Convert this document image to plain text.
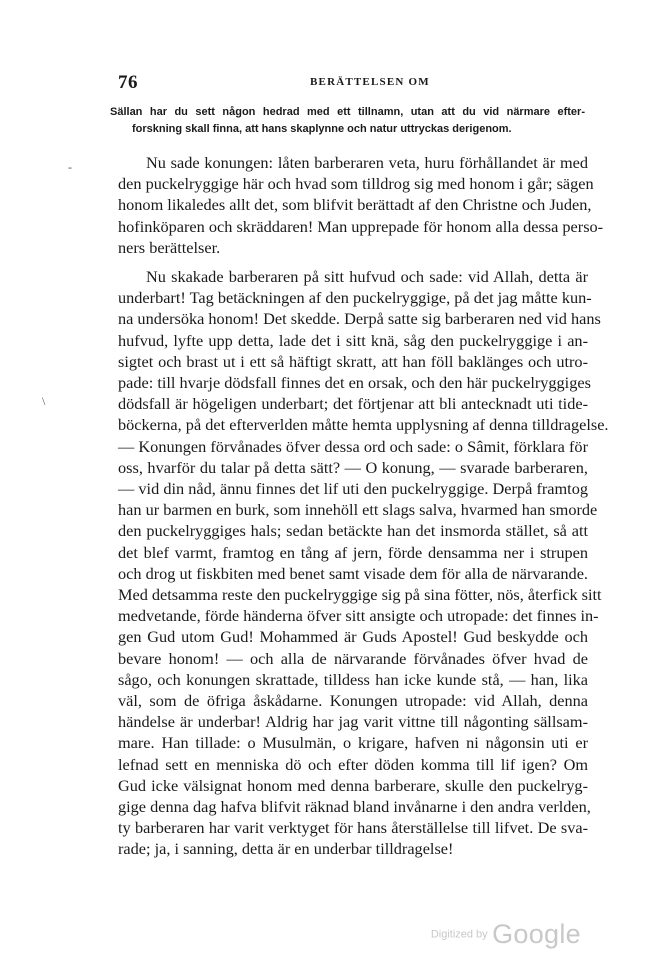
76	BERÄTTELSEN OM
Sällan har du sett någon hedrad med ett tillnamn, utan att du vid närmare efter-
forskning skall finna, att hans skaplynne och natur uttryckas derigenom.
-
\
Nu sade konungen: låten barberaren veta, huru förhållandet är med
den puckelryggige här och hvad som tilldrog sig med honom i går; sägen
honom likaledes allt det, som blifvit berättadt af den Christne och Juden,
hofinköparen och skräddaren! Man upprepade för honom alla dessa perso-
ners berättelser.
Nu skakade barberaren på sitt hufvud och sade: vid Allah, detta är
underbart! Tag betäckningen af den puckelryggige, på det jag måtte kun-
na undersöka honom! Det skedde. Derpå satte sig barberaren ned vid hans
hufvud, lyfte upp detta, lade det i sitt knä, såg den puckelryggige i an-
sigtet och brast ut i ett så häftigt skratt, att han föll baklänges och utro-
pade: till hvarje dödsfall finnes det en orsak, och den här puckelryggiges
dödsfall är högeligen underbart; det förtjenar att bli antecknadt uti tide-
böckerna, på det efterverlden måtte hemta upplysning af denna tilldragelse.
— Konungen förvånades öfver dessa ord och sade: o Sâmit, förklara för
oss, hvarför du talar på detta sätt? — O konung, — svarade barberaren,
— vid din nåd, ännu finnes det lif uti den puckelryggige. Derpå framtog
han ur barmen en burk, som innehöll ett slags salva, hvarmed han smorde
den puckelryggiges hals; sedan betäckte han det insmorda stället, så att
det blef varmt, framtog en tång af jern, förde densamma ner i strupen
och drog ut fiskbiten med benet samt visade dem för alla de närvarande.
Med detsamma reste den puckelryggige sig på sina fötter, nös, återfick sitt
medvetande, förde händerna öfver sitt ansigte och utropade: det finnes in-
gen Gud utom Gud! Mohammed är Guds Apostel! Gud beskydde och
bevare honom! — och alla de närvarande förvånades öfver hvad de
sågo, och konungen skrattade, tilldess han icke kunde stå, — han, lika
väl, som de öfriga åskådarne. Konungen utropade: vid Allah, denna
händelse är underbar! Aldrig har jag varit vittne till någonting sällsam-
mare. Han tillade: o Musulmän, o krigare, hafven ni någonsin uti er
lefnad sett en menniska dö och efter döden komma till lif igen? Om
Gud icke välsignat honom med denna barberare, skulle den puckelryg-
gige denna dag hafva blifvit räknad bland invånarne i den andra verlden,
ty barberaren har varit verktyget för hans återställelse till lifvet. De sva-
rade; ja, i sanning, detta är en underbar tilldragelse!
Digitized by Google
